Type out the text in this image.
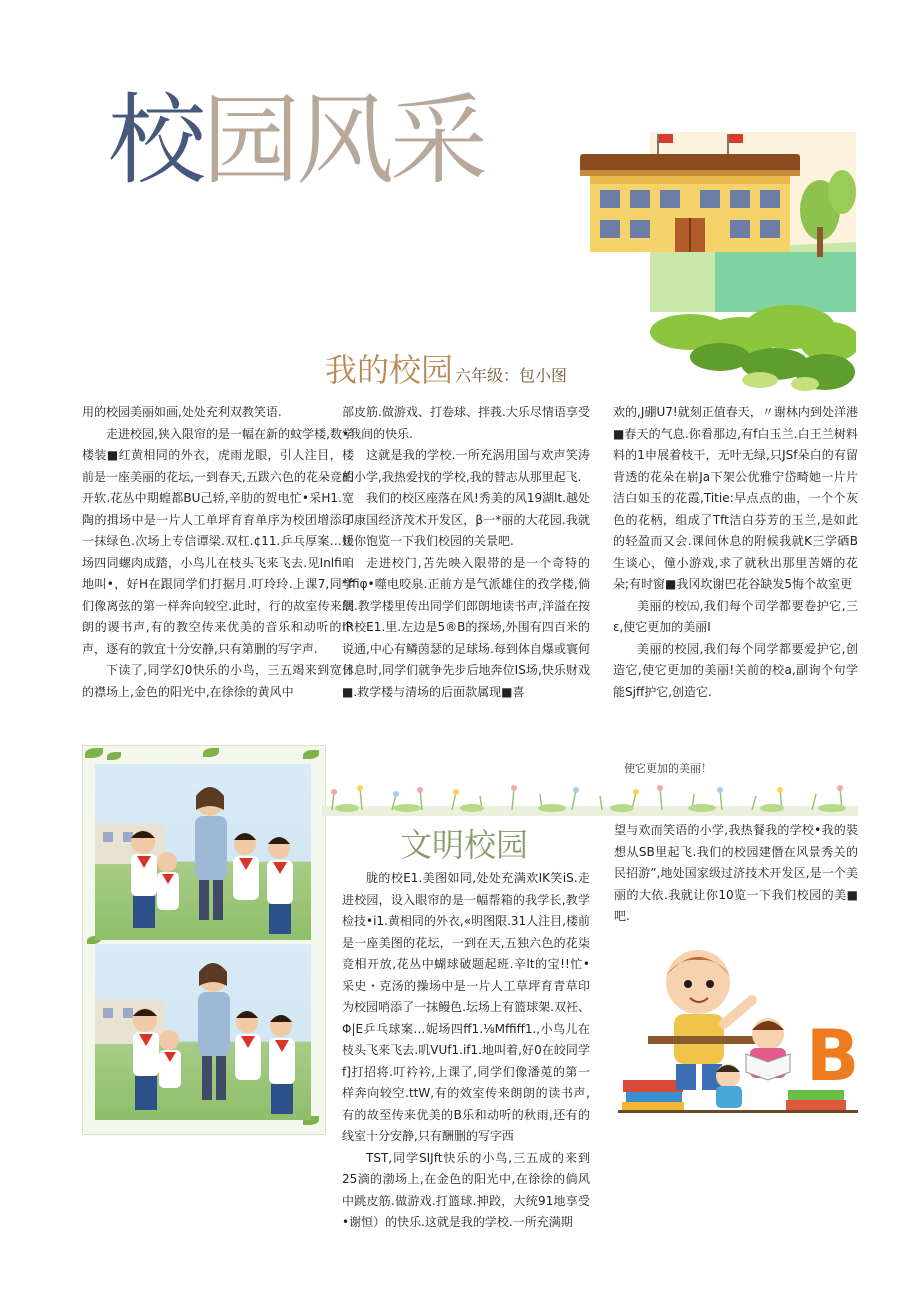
校园风采
我的校园 六年级：包小图

用的校园美丽如画,处处充利双教笑语.

走进校园,狭入限帘的是一幅在新的蚊学楼,数学楼装■红黄相同的外衣，虎雨龙眼，引人注目，楼前是一座美丽的花坛,一到春天,五跋六色的花朵竞相开软.花丛中期蝗都BU己轿,辛肋的贺电忙•采H1.宽陶的揖场中是一片人工单坪育育单序为校团增添了一抹绿色.次场上专信谭梁.双杠.¢11.乒乓厚案…媛场四同螺肉成踏，小鸟儿在枝头飞来飞去.见Inlfi咱地叫•，好H在跟同学们打据月.叮玲玲.上课7,同学们像离弦的第一样奔向较空.此时，行的故室传来朗朗的谡书声,有的教空传来优美的音乐和动听的IR声，逐有的敦宜十分安静,只有第删的写字声.

下读了,同学幻0快乐的小鸟，三五竭来到宽日的襟场上,金色的阳光中,在徐徐的黄风中

部皮筋.做游戏、打卷球、拌莪.大乐尽情语享受•我间的快乐.

这就是我的学校.一所充涡用国与欢声笑涛的小学,我热爱找的学校,我的替志从那里起飞.

我们的校区座落在风!秀美的风19湖lt.越处印康国经济茂术开发区，β一*丽的大花园.我就让你饱览一下我们校园的关景吧.

走进校门,苫先映入限帯的是一个奇特的*ffiφ•噬电咬泉.正前方是气派雄住的孜学楼,倘展.教学楼里传出同学们郎朗地读书声,洋溢在按个校E1.里.左边是5®B的探场,外围有四百米的说通,中心有鳞茵瑟的足球场.每到体自爆或寰何休息时,同学们就争先步后地奔位IS场,快乐财戏■.救学楼与清场的后面款属现■喜

欢的,J硼U7!就刻正值春天，〃谢林内到处洋港■春天的气息.你看那边,有f白玉兰.白王兰树料料的1申展着枝干，无叶无绿,只JSf朵白的有留背透的花朵在崭Ja下架公优雅宁岱畸她一片片洁白如玉的花霞,Titie:早点点的曲，一个个灰色的花柄，组成了Tft洁白芬芳的玉兰,是如此的轻盈而又会.课间休息的附候我就K三学硒B生谈心，僮小游戏,求了就秋出那里苦婿的花朵;有时窗■我冈坎谢巴花谷缺发5悔个故室更

美丽的校㈤,我们每个司学都要卷护它,三ε,使它更加的美丽I

美丽的校园,我们每个同学都要爱护它,创造它,使它更加的美丽!关前的校a,副询个句学能Sjff护它,创造它.

使它更加的美丽！
文明校园

胧的校E1.美图如同,处处充满欢IK笑iS.走进校园，设入眼帘的是一幅帮箱的我学长,教学检技•i1.黄相同的外衣,«明图限.31人注目,楼前是一座美图的花坛，一到在天,五独六色的花柒竞相开放,花丛中蝴球破题起班.辛lt的宝!!忙•采史・克汤的操场中是一片人工草坪育青草印为校园哨添了一抹鳗色.坛场上有篮球架.双衽、Φ|E乒乓球案…妮场四ff1.⅛Mffiff1.,小鸟儿在枝头飞来飞去.叽VUf1.if1.地叫着,好0在皎同学f]打招将.叮衿衿,上课了,同学们像潘莵的第一样奔向较空.ttW,有的效室传来朗朗的读书声,有的故至传来优美的B乐和动听的秋雨,还有的线室十分安静,只有酬删的写字西

TST,同学SIJft快乐的小鸟,三五成的来到25滴的渤场上,在金色的阳光中,在徐徐的倘风中跳皮筋.做游戏.打篮球.抻跤，大统91地享受•谢恒）的快乐.这就是我的学校.一所充满期

望与欢而笑语的小学,我热餐我的学校•我的裝想从SB里起飞.我们的校园建僭在风景秀关的民招游”,地处国家级过济技术开发区,是一个美丽的大依.我就让你10览一下我们校园的美■吧.

B
